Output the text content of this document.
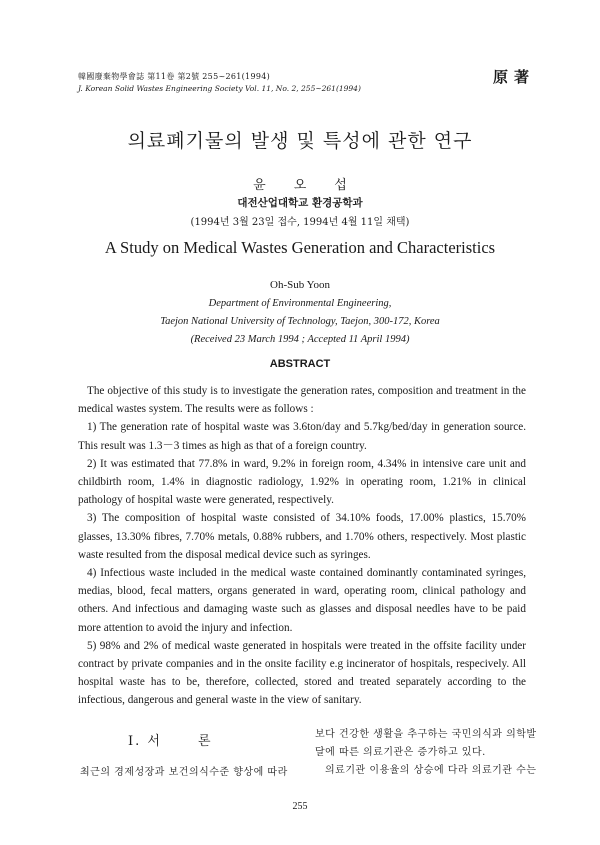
韓國廢棄物學會誌 第11卷 第2號 255~261(1994)
J. Korean Solid Wastes Engineering Society Vol. 11, No. 2, 255~261(1994)
原著
의료폐기물의 발생 및 특성에 관한 연구
윤오섭
대전산업대학교 환경공학과
(1994년 3월 23일 접수, 1994년 4월 11일 채택)
A Study on Medical Wastes Generation and Characteristics
Oh-Sub Yoon
Department of Environmental Engineering,
Taejon National University of Technology, Taejon, 300-172, Korea
(Received 23 March 1994 ; Accepted 11 April 1994)
ABSTRACT

The objective of this study is to investigate the generation rates, composition and treatment in the medical wastes system. The results were as follows :

1) The generation rate of hospital waste was 3.6ton/day and 5.7kg/bed/day in generation source. This result was 1.3－3 times as high as that of a foreign country.

2) It was estimated that 77.8% in ward, 9.2% in foreign room, 4.34% in intensive care unit and childbirth room, 1.4% in diagnostic radiology, 1.92% in operating room, 1.21% in clinical pathology of hospital waste were generated, respectively.

3) The composition of hospital waste consisted of 34.10% foods, 17.00% plastics, 15.70% glasses, 13.30% fibres, 7.70% metals, 0.88% rubbers, and 1.70% others, respectively. Most plastic waste resulted from the disposal medical device such as syringes.

4) Infectious waste included in the medical waste contained dominantly contaminated syringes, medias, blood, fecal matters, organs generated in ward, operating room, clinical pathology and others. And infectious and damaging waste such as glasses and disposal needles have to be paid more attention to avoid the injury and infection.

5) 98% and 2% of medical waste generated in hospitals were treated in the offsite facility under contract by private companies and in the onsite facility e.g incinerator of hospitals, respecively. All hospital waste has to be, therefore, collected, stored and treated separately according to the infectious, dangerous and general waste in the view of sanitary.

I. 서	론
최근의 경제성장과 보건의식수준 향상에 따라
보다 건강한 생활을 추구하는 국민의식과 의학발
달에 따른 의료기관은 증가하고 있다.
의료기관 이용율의 상승에 다라 의료기관 수는
255
